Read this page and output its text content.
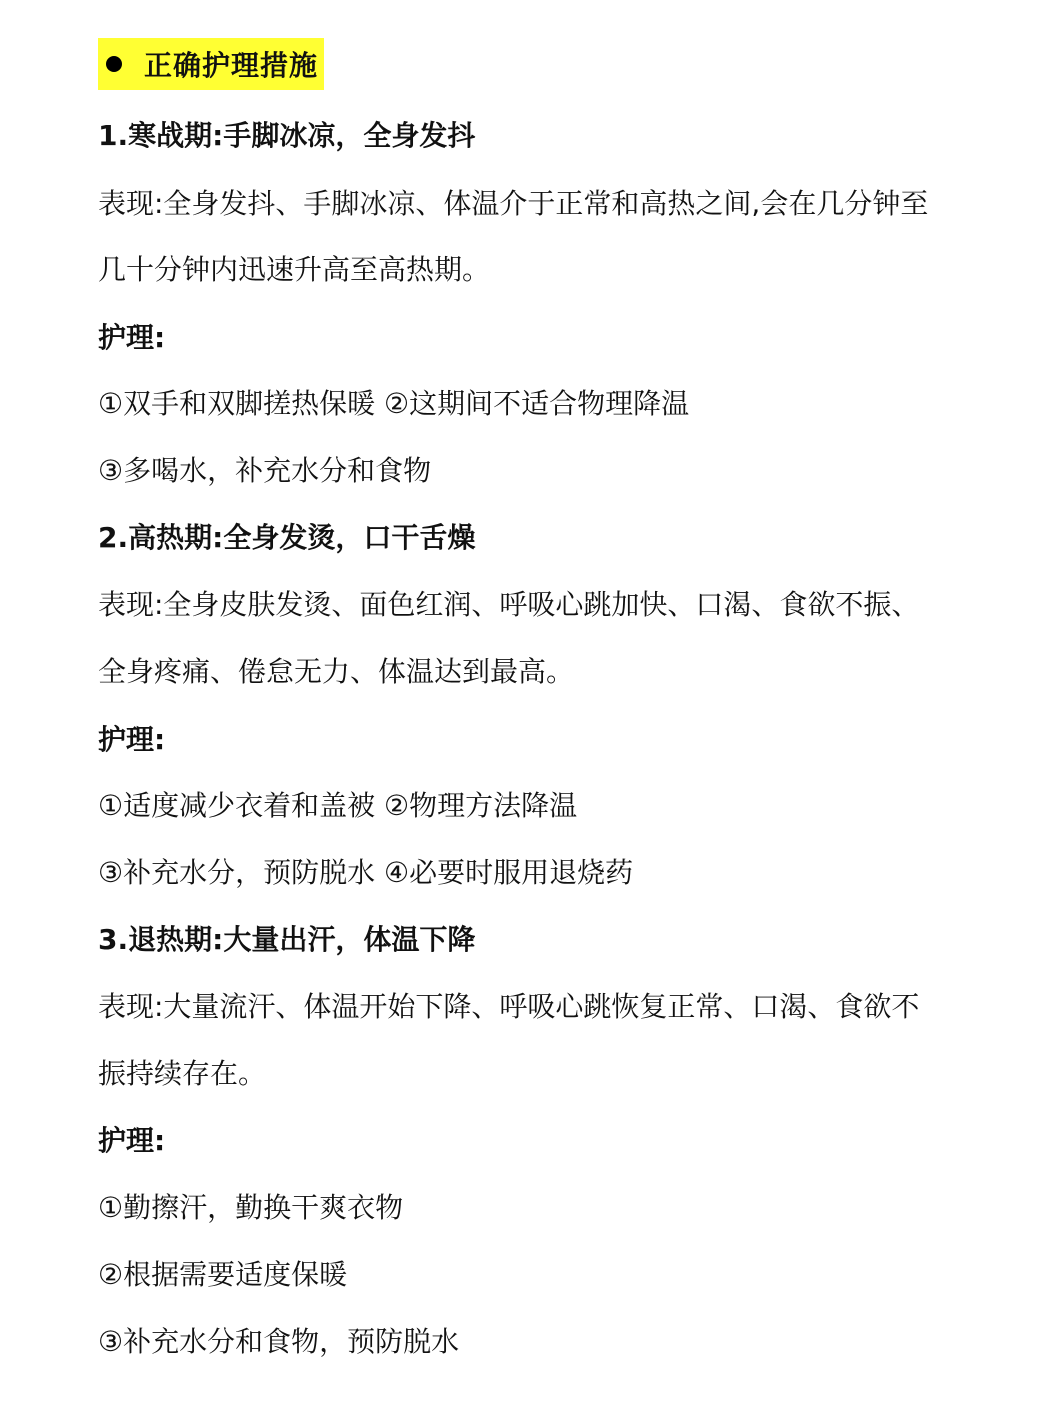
正确护理措施
1.寒战期:手脚冰凉，全身发抖
表现:全身发抖、手脚冰凉、体温介于正常和高热之间,会在几分钟至
几十分钟内迅速升高至高热期。
护理:
①双手和双脚搓热保暖 ②这期间不适合物理降温
③多喝水，补充水分和食物
2.高热期:全身发烫，口干舌燥
表现:全身皮肤发烫、面色红润、呼吸心跳加快、口渴、食欲不振、
全身疼痛、倦怠无力、体温达到最高。
护理:
①适度减少衣着和盖被 ②物理方法降温
③补充水分，预防脱水 ④必要时服用退烧药
3.退热期:大量出汗，体温下降
表现:大量流汗、体温开始下降、呼吸心跳恢复正常、口渴、食欲不
振持续存在。
护理:
①勤擦汗，勤换干爽衣物
②根据需要适度保暖
③补充水分和食物，预防脱水
